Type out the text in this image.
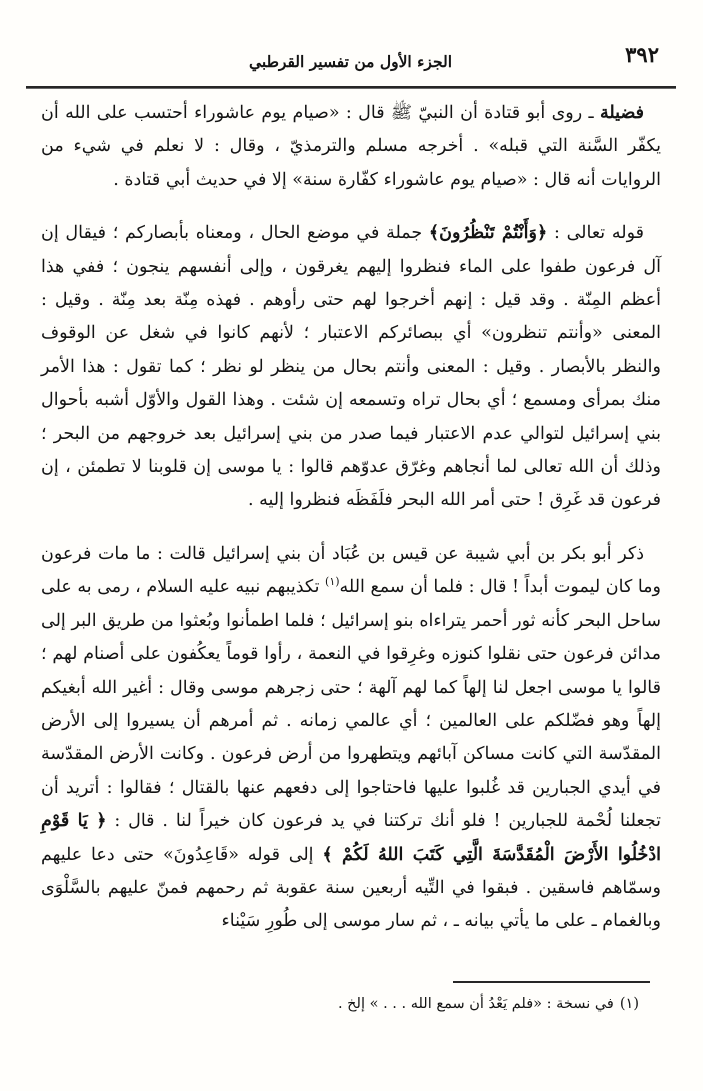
٣٩٢
الجزء الأول من تفسير القرطبي

فضيلة ـ روى أبو قتادة أن النبيّ ﷺ قال : «صيام يوم عاشوراء أحتسب على الله أن يكفّر السَّنة التي قبله» . أخرجه مسلم والترمذيّ ، وقال : لا نعلم في شيء من الروايات أنه قال : «صيام يوم عاشوراء كفّارة سنة» إلا في حديث أبي قتادة .

قوله تعالى : ﴿وَأَنْتُمْ تَنْظُرُونَ﴾ جملة في موضع الحال ، ومعناه بأبصاركم ؛ فيقال إن آل فرعون طفوا على الماء فنظروا إليهم يغرقون ، وإلى أنفسهم ينجون ؛ ففي هذا أعظم المِنّة . وقد قيل : إنهم أخرجوا لهم حتى رأوهم . فهذه مِنّة بعد مِنّة . وقيل : المعنى «وأنتم تنظرون» أي ببصائركم الاعتبار ؛ لأنهم كانوا في شغل عن الوقوف والنظر بالأبصار . وقيل : المعنى وأنتم بحال من ينظر لو نظر ؛ كما تقول : هذا الأمر منك بمرأى ومسمع ؛ أي بحال تراه وتسمعه إن شئت . وهذا القول والأوّل أشبه بأحوال بني إسرائيل لتوالي عدم الاعتبار فيما صدر من بني إسرائيل بعد خروجهم من البحر ؛ وذلك أن الله تعالى لما أنجاهم وغرّق عدوّهم قالوا : يا موسى إن قلوبنا لا تطمئن ، إن فرعون قد غَرِق ! حتى أمر الله البحر فلَفَظَه فنظروا إليه .

ذكر أبو بكر بن أبي شيبة عن قيس بن عُبَاد أن بني إسرائيل قالت : ما مات فرعون وما كان ليموت أبداً ! قال : فلما أن سمع الله$^{(١)}$ تكذيبهم نبيه عليه السلام ، رمى به على ساحل البحر كأنه ثور أحمر يتراءاه بنو إسرائيل ؛ فلما اطمأنوا وبُعثوا من طريق البر إلى مدائن فرعون حتى نقلوا كنوزه وغرِقوا في النعمة ، رأوا قوماً يعكُفون على أصنام لهم ؛ قالوا يا موسى اجعل لنا إلهاً كما لهم آلهة ؛ حتى زجرهم موسى وقال : أغير الله أبغيكم إلهاً وهو فضّلكم على العالمين ؛ أي عالمي زمانه . ثم أمرهم أن يسيروا إلى الأرض المقدّسة التي كانت مساكن آبائهم ويتطهروا من أرض فرعون . وكانت الأرض المقدّسة في أيدي الجبارين قد غُلبوا عليها فاحتاجوا إلى دفعهم عنها بالقتال ؛ فقالوا : أتريد أن تجعلنا لُحْمة للجبارين ! فلو أنك تركتنا في يد فرعون كان خيراً لنا . قال : ﴿ يَا قَوْمِ ادْخُلُوا الأَرْضَ الْمُقَدَّسَةَ الَّتِي كَتَبَ اللهُ لَكُمْ ﴾ إلى قوله «قَاعِدُونَ» حتى دعا عليهم وسمّاهم فاسقين . فبقوا في التِّيه أربعين سنة عقوبة ثم رحمهم فمنّ عليهم بالسَّلْوَى وبالغمام ـ على ما يأتي بيانه ـ ، ثم سار موسى إلى طُورِ سَيْناء

(١)في نسخة : «فلم يَعْدُ أن سمع الله . . . » إلخ .
